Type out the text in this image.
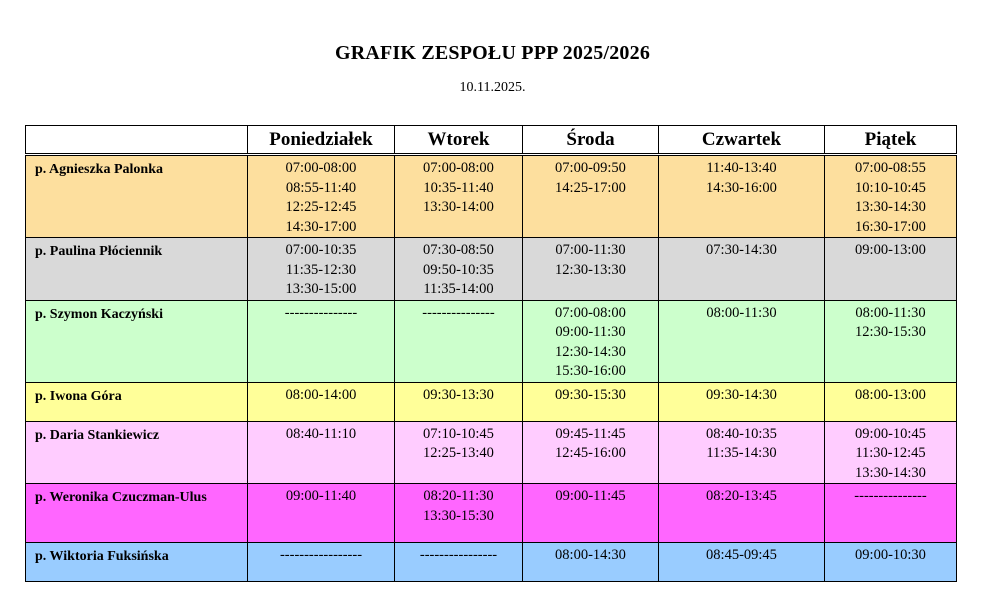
GRAFIK ZESPOŁU PPP 2025/2026
10.11.2025.
	Poniedziałek	Wtorek	Środa	Czwartek	Piątek
p. Agnieszka Palonka	07:00-08:00
08:55-11:40
12:25-12:45
14:30-17:00	07:00-08:00
10:35-11:40
13:30-14:00	07:00-09:50
14:25-17:00	11:40-13:40
14:30-16:00	07:00-08:55
10:10-10:45
13:30-14:30
16:30-17:00

p. Paulina Płóciennik	07:00-10:35
11:35-12:30
13:30-15:00	07:30-08:50
09:50-10:35
11:35-14:00	07:00-11:30
12:30-13:30	07:30-14:30	09:00-13:00

p. Szymon Kaczyński	---------------	---------------	07:00-08:00
09:00-11:30
12:30-14:30
15:30-16:00	08:00-11:30	08:00-11:30
12:30-15:30

p. Iwona Góra	08:00-14:00	09:30-13:30	09:30-15:30	09:30-14:30	08:00-13:00

p. Daria Stankiewicz	08:40-11:10	07:10-10:45
12:25-13:40	09:45-11:45
12:45-16:00	08:40-10:35
11:35-14:30	09:00-10:45
11:30-12:45
13:30-14:30

p. Weronika Czuczman-Ulus	09:00-11:40	08:20-11:30
13:30-15:30	09:00-11:45	08:20-13:45	---------------

p. Wiktoria Fuksińska	-----------------	----------------	08:00-14:30	08:45-09:45	09:00-10:30
